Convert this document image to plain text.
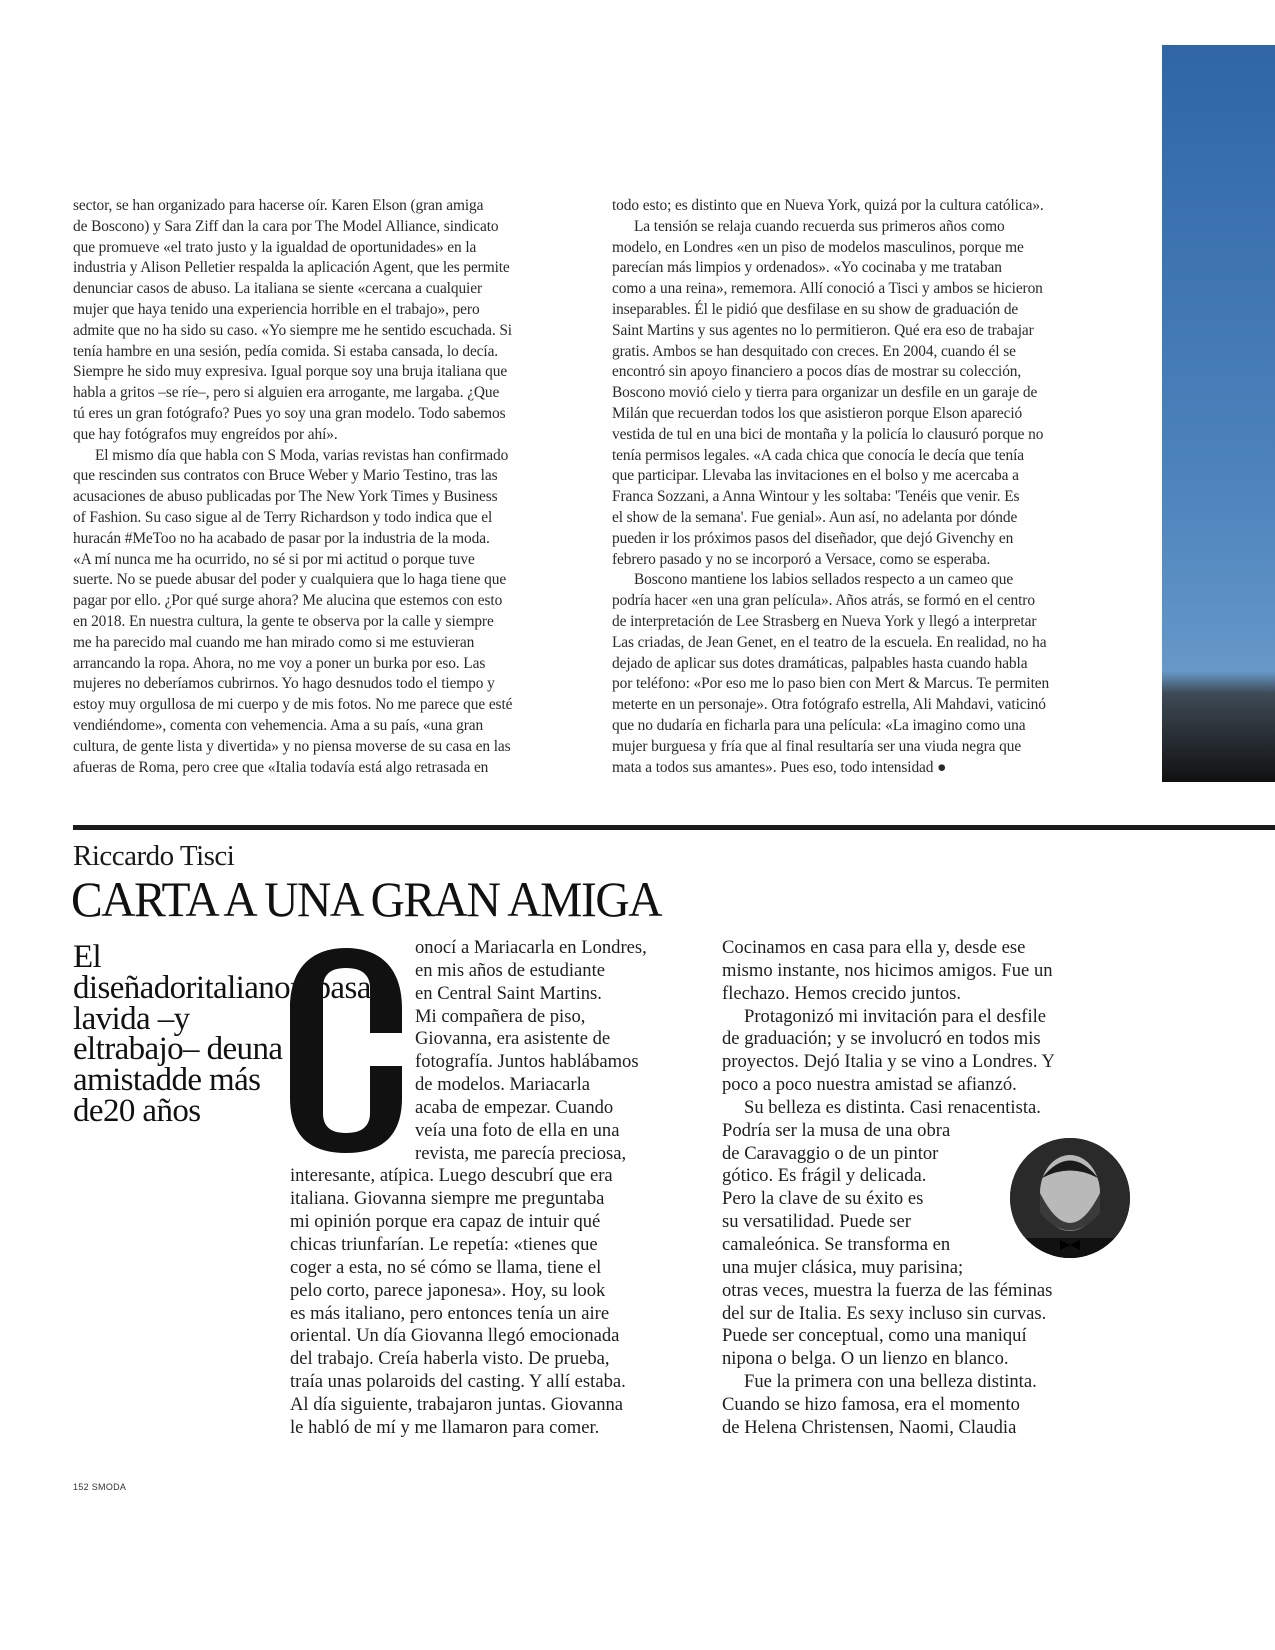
sector, se han organizado para hacerse oír. Karen Elson (gran amiga
de Boscono) y Sara Ziff dan la cara por The Model Alliance, sindicato
que promueve «el trato justo y la igualdad de oportunidades» en la
industria y Alison Pelletier respalda la aplicación Agent, que les permite
denunciar casos de abuso. La italiana se siente «cercana a cualquier
mujer que haya tenido una experiencia horrible en el trabajo», pero
admite que no ha sido su caso. «Yo siempre me he sentido escuchada. Si
tenía hambre en una sesión, pedía comida. Si estaba cansada, lo decía.
Siempre he sido muy expresiva. Igual porque soy una bruja italiana que
habla a gritos –se ríe–, pero si alguien era arrogante, me largaba. ¿Que
tú eres un gran fotógrafo? Pues yo soy una gran modelo. Todo sabemos
que hay fotógrafos muy engreídos por ahí».
El mismo día que habla con S Moda, varias revistas han confirmado
que rescinden sus contratos con Bruce Weber y Mario Testino, tras las
acusaciones de abuso publicadas por The New York Times y Business
of Fashion. Su caso sigue al de Terry Richardson y todo indica que el
huracán #MeToo no ha acabado de pasar por la industria de la moda.
«A mí nunca me ha ocurrido, no sé si por mi actitud o porque tuve
suerte. No se puede abusar del poder y cualquiera que lo haga tiene que
pagar por ello. ¿Por qué surge ahora? Me alucina que estemos con esto
en 2018. En nuestra cultura, la gente te observa por la calle y siempre
me ha parecido mal cuando me han mirado como si me estuvieran
arrancando la ropa. Ahora, no me voy a poner un burka por eso. Las
mujeres no deberíamos cubrirnos. Yo hago desnudos todo el tiempo y
estoy muy orgullosa de mi cuerpo y de mis fotos. No me parece que esté
vendiéndome», comenta con vehemencia. Ama a su país, «una gran
cultura, de gente lista y divertida» y no piensa moverse de su casa en las
afueras de Roma, pero cree que «Italia todavía está algo retrasada en
todo esto; es distinto que en Nueva York, quizá por la cultura católica».
La tensión se relaja cuando recuerda sus primeros años como
modelo, en Londres «en un piso de modelos masculinos, porque me
parecían más limpios y ordenados». «Yo cocinaba y me trataban
como a una reina», rememora. Allí conoció a Tisci y ambos se hicieron
inseparables. Él le pidió que desfilase en su show de graduación de
Saint Martins y sus agentes no lo permitieron. Qué era eso de trabajar
gratis. Ambos se han desquitado con creces. En 2004, cuando él se
encontró sin apoyo financiero a pocos días de mostrar su colección,
Boscono movió cielo y tierra para organizar un desfile en un garaje de
Milán que recuerdan todos los que asistieron porque Elson apareció
vestida de tul en una bici de montaña y la policía lo clausuró porque no
tenía permisos legales. «A cada chica que conocía le decía que tenía
que participar. Llevaba las invitaciones en el bolso y me acercaba a
Franca Sozzani, a Anna Wintour y les soltaba: 'Tenéis que venir. Es
el show de la semana'. Fue genial». Aun así, no adelanta por dónde
pueden ir los próximos pasos del diseñador, que dejó Givenchy en
febrero pasado y no se incorporó a Versace, como se esperaba.
Boscono mantiene los labios sellados respecto a un cameo que
podría hacer «en una gran película». Años atrás, se formó en el centro
de interpretación de Lee Strasberg en Nueva York y llegó a interpretar
Las criadas, de Jean Genet, en el teatro de la escuela. En realidad, no ha
dejado de aplicar sus dotes dramáticas, palpables hasta cuando habla
por teléfono: «Por eso me lo paso bien con Mert & Marcus. Te permiten
meterte en un personaje». Otra fotógrafo estrella, Ali Mahdavi, vaticinó
que no dudaría en ficharla para una película: «La imagino como una
mujer burguesa y fría que al final resultaría ser una viuda negra que
mata a todos sus amantes». Pues eso, todo intensidad ●
Riccardo Tisci
CARTA A UNA GRAN AMIGA
El diseñadoritalianorepasa lavida –y eltrabajo– deuna amistadde más de20 años
onocí a Mariacarla en Londres,
en mis años de estudiante
en Central Saint Martins.
Mi compañera de piso,
Giovanna, era asistente de
fotografía. Juntos hablábamos
de modelos. Mariacarla
acaba de empezar. Cuando
veía una foto de ella en una
revista, me parecía preciosa,
interesante, atípica. Luego descubrí que era
italiana. Giovanna siempre me preguntaba
mi opinión porque era capaz de intuir qué
chicas triunfarían. Le repetía: «tienes que
coger a esta, no sé cómo se llama, tiene el
pelo corto, parece japonesa». Hoy, su look
es más italiano, pero entonces tenía un aire
oriental. Un día Giovanna llegó emocionada
del trabajo. Creía haberla visto. De prueba,
traía unas polaroids del casting. Y allí estaba.
Al día siguiente, trabajaron juntas. Giovanna
le habló de mí y me llamaron para comer.
Cocinamos en casa para ella y, desde ese
mismo instante, nos hicimos amigos. Fue un
flechazo. Hemos crecido juntos.
Protagonizó mi invitación para el desfile
de graduación; y se involucró en todos mis
proyectos. Dejó Italia y se vino a Londres. Y
poco a poco nuestra amistad se afianzó.
Su belleza es distinta. Casi renacentista.
Podría ser la musa de una obra
de Caravaggio o de un pintor
gótico. Es frágil y delicada.
Pero la clave de su éxito es
su versatilidad. Puede ser
camaleónica. Se transforma en
una mujer clásica, muy parisina;
otras veces, muestra la fuerza de las féminas
del sur de Italia. Es sexy incluso sin curvas.
Puede ser conceptual, como una maniquí
nipona o belga. O un lienzo en blanco.
Fue la primera con una belleza distinta.
Cuando se hizo famosa, era el momento
de Helena Christensen, Naomi, Claudia
152 SMODA
